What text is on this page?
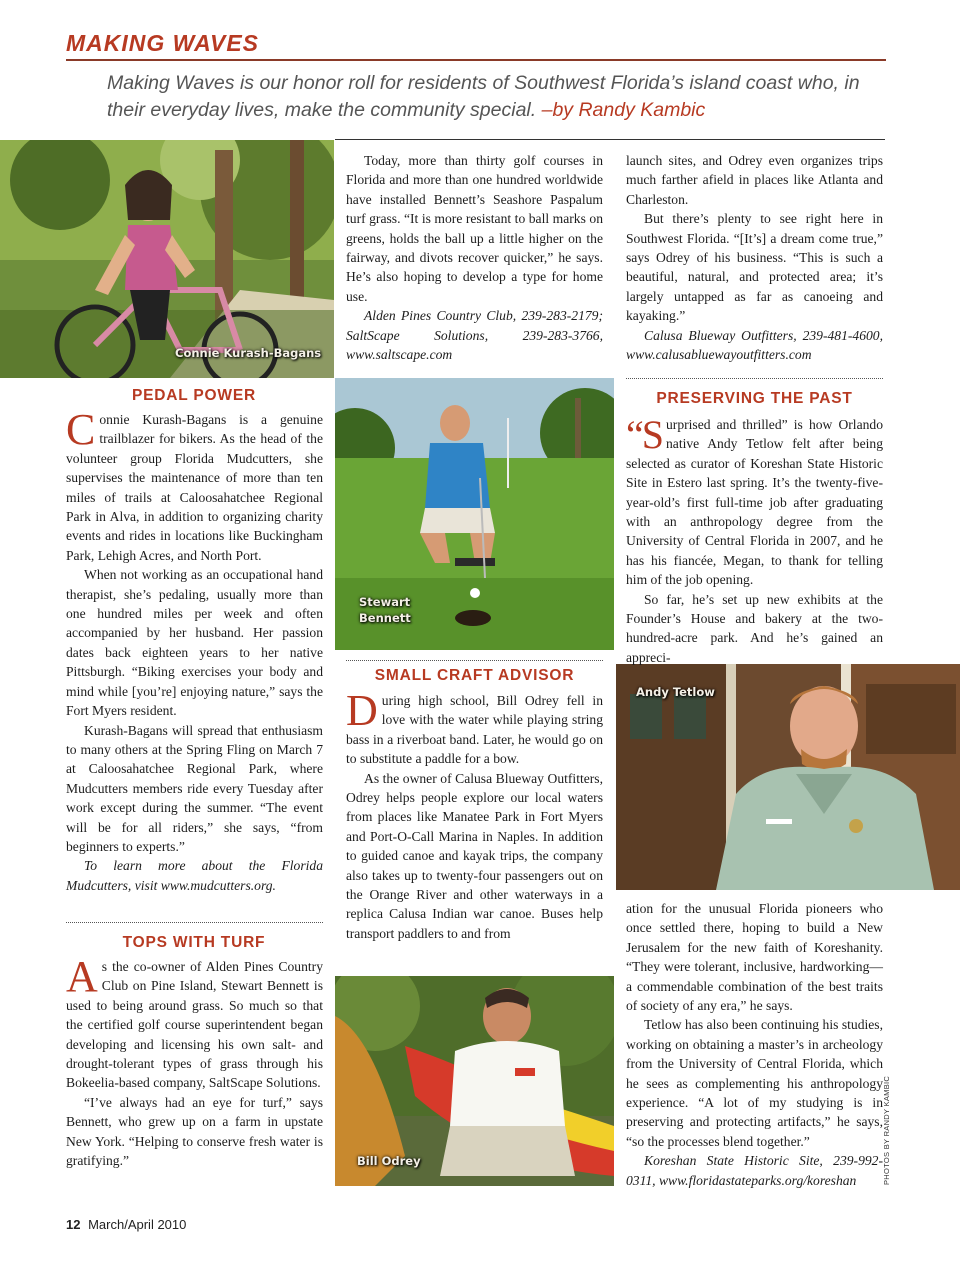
MAKING WAVES
Making Waves is our honor roll for residents of Southwest Florida’s island coast who, in their everyday lives, make the community special. –by Randy Kambic
Connie Kurash-Bagans
Stewart
Bennett
Andy Tetlow
Bill Odrey
PEDAL POWER

Connie Kurash-Bagans is a genuine trailblazer for bikers. As the head of the volunteer group Florida Mudcutters, she supervises the maintenance of more than ten miles of trails at Caloosahatchee Regional Park in Alva, in addition to organizing charity events and rides in locations like Buckingham Park, Lehigh Acres, and North Port.

When not working as an occupational hand therapist, she’s pedaling, usually more than one hundred miles per week and often accompanied by her husband. Her passion dates back eighteen years to her native Pittsburgh. “Biking exercises your body and mind while [you’re] enjoying nature,” says the Fort Myers resident.

Kurash-Bagans will spread that enthusiasm to many others at the Spring Fling on March 7 at Caloosahatchee Regional Park, where Mudcutters members ride every Tuesday after work except during the summer. “The event will be for all riders,” she says, “from beginners to experts.”

To learn more about the Florida Mudcutters, visit www.mudcutters.org.

TOPS WITH TURF

As the co-owner of Alden Pines Country Club on Pine Island, Stewart Bennett is used to being around grass. So much so that the certified golf course superintendent began developing and licensing his own salt- and drought-tolerant types of grass through his Bokeelia-based company, SaltScape Solutions.

“I’ve always had an eye for turf,” says Bennett, who grew up on a farm in upstate New York. “Helping to conserve fresh water is gratifying.”

Today, more than thirty golf courses in Florida and more than one hundred worldwide have installed Bennett’s Seashore Paspalum turf grass. “It is more resistant to ball marks on greens, holds the ball up a little higher on the fairway, and divots recover quicker,” he says. He’s also hoping to develop a type for home use.

Alden Pines Country Club, 239-283-2179; SaltScape Solutions, 239-283-3766, www.saltscape.com

SMALL CRAFT ADVISOR

During high school, Bill Odrey fell in love with the water while playing string bass in a riverboat band. Later, he would go on to substitute a paddle for a bow.

As the owner of Calusa Blueway Outfitters, Odrey helps people explore our local waters from places like Manatee Park in Fort Myers and Port-O-Call Marina in Naples. In addition to guided canoe and kayak trips, the company also takes up to twenty-four passengers out on the Orange River and other waterways in a replica Calusa Indian war canoe. Buses help transport paddlers to and from

launch sites, and Odrey even organizes trips much farther afield in places like Atlanta and Charleston.

But there’s plenty to see right here in Southwest Florida. “[It’s] a dream come true,” says Odrey of his business. “This is such a beautiful, natural, and protected area; it’s largely untapped as far as canoeing and kayaking.”

Calusa Blueway Outfitters, 239-481-4600, www.calusabluewayoutfitters.com

PRESERVING THE PAST

“Surprised and thrilled” is how Orlando native Andy Tetlow felt after being selected as curator of Koreshan State Historic Site in Estero last spring. It’s the twenty-five-year-old’s first full-time job after graduating with an anthropology degree from the University of Central Florida in 2007, and he has his fiancée, Megan, to thank for telling him of the job opening.

So far, he’s set up new exhibits at the Founder’s House and bakery at the two-hundred-acre park. And he’s gained an appreci-

ation for the unusual Florida pioneers who once settled there, hoping to build a New Jerusalem for the new faith of Koreshanity. “They were tolerant, inclusive, hardworking—a commendable combination of the best traits of society of any era,” he says.

Tetlow has also been continuing his studies, working on obtaining a master’s in archeology from the University of Central Florida, which he sees as complementing his anthropology experience. “A lot of my studying is in preserving and protecting artifacts,” he says, “so the processes blend together.”

Koreshan State Historic Site, 239-992-0311, www.floridastateparks.org/koreshan

12 March/April 2010
PHOTOS BY RANDY KAMBIC
